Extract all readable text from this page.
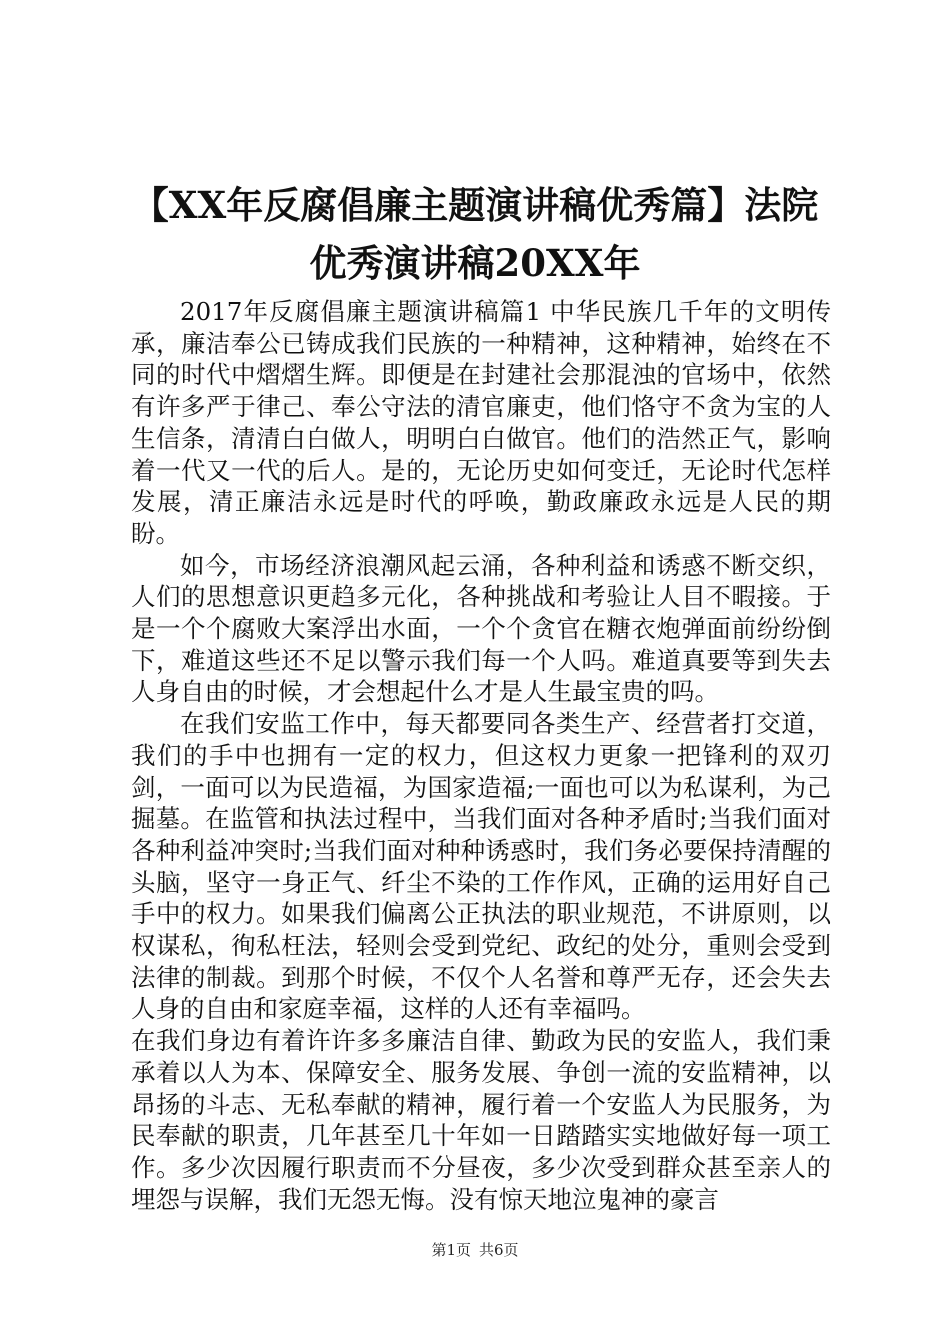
【XX年反腐倡廉主题演讲稿优秀篇】法院优秀演讲稿20XX年

2017年反腐倡廉主题演讲稿篇1 中华民族几千年的文明传承，廉洁奉公已铸成我们民族的一种精神，这种精神，始终在不同的时代中熠熠生辉。即便是在封建社会那混浊的官场中，依然有许多严于律己、奉公守法的清官廉吏，他们恪守不贪为宝的人生信条，清清白白做人，明明白白做官。他们的浩然正气，影响着一代又一代的后人。是的，无论历史如何变迁，无论时代怎样发展，清正廉洁永远是时代的呼唤，勤政廉政永远是人民的期盼。

如今，市场经济浪潮风起云涌，各种利益和诱惑不断交织，人们的思想意识更趋多元化，各种挑战和考验让人目不暇接。于是一个个腐败大案浮出水面，一个个贪官在糖衣炮弹面前纷纷倒下，难道这些还不足以警示我们每一个人吗。难道真要等到失去人身自由的时候，才会想起什么才是人生最宝贵的吗。

在我们安监工作中，每天都要同各类生产、经营者打交道，我们的手中也拥有一定的权力，但这权力更象一把锋利的双刃剑，一面可以为民造福，为国家造福;一面也可以为私谋利，为己掘墓。在监管和执法过程中，当我们面对各种矛盾时;当我们面对各种利益冲突时;当我们面对种种诱惑时，我们务必要保持清醒的头脑，坚守一身正气、纤尘不染的工作作风，正确的运用好自己手中的权力。如果我们偏离公正执法的职业规范，不讲原则，以权谋私，徇私枉法，轻则会受到党纪、政纪的处分，重则会受到法律的制裁。到那个时候，不仅个人名誉和尊严无存，还会失去人身的自由和家庭幸福，这样的人还有幸福吗。

在我们身边有着许许多多廉洁自律、勤政为民的安监人，我们秉承着以人为本、保障安全、服务发展、争创一流的安监精神，以昂扬的斗志、无私奉献的精神，履行着一个安监人为民服务，为民奉献的职责，几年甚至几十年如一日踏踏实实地做好每一项工作。多少次因履行职责而不分昼夜，多少次受到群众甚至亲人的埋怨与误解，我们无怨无悔。没有惊天地泣鬼神的豪言

第1页 共6页
